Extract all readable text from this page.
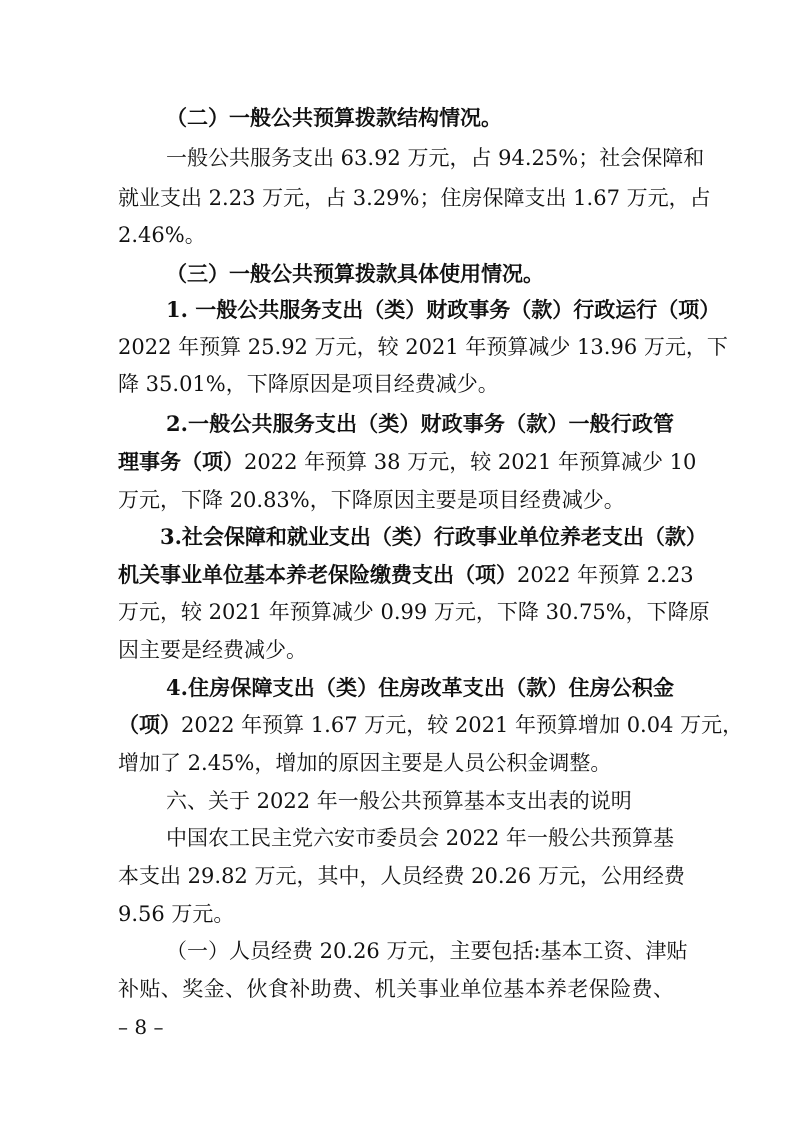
（二）一般公共预算拨款结构情况。
一般公共服务支出 63.92 万元，占 94.25%；社会保障和
就业支出 2.23 万元，占 3.29%；住房保障支出 1.67 万元，占
2.46%。
（三）一般公共预算拨款具体使用情况。
1. 一般公共服务支出（类）财政事务（款）行政运行（项）
2022 年预算 25.92 万元，较 2021 年预算减少 13.96 万元，下
降 35.01%，下降原因是项目经费减少。
2.一般公共服务支出（类）财政事务（款）一般行政管
理事务（项）2022 年预算 38 万元，较 2021 年预算减少 10
万元，下降 20.83%，下降原因主要是项目经费减少。
3.社会保障和就业支出（类）行政事业单位养老支出（款）
机关事业单位基本养老保险缴费支出（项）2022 年预算 2.23
万元，较 2021 年预算减少 0.99 万元，下降 30.75%，下降原
因主要是经费减少。
4.住房保障支出（类）住房改革支出（款）住房公积金
（项）2022 年预算 1.67 万元，较 2021 年预算增加 0.04 万元，
增加了 2.45%，增加的原因主要是人员公积金调整。
六、关于 2022 年一般公共预算基本支出表的说明
中国农工民主党六安市委员会 2022 年一般公共预算基
本支出 29.82 万元，其中，人员经费 20.26 万元，公用经费
9.56 万元。
（一）人员经费 20.26 万元，主要包括:基本工资、津贴
补贴、奖金、伙食补助费、机关事业单位基本养老保险费、
– 8 –
